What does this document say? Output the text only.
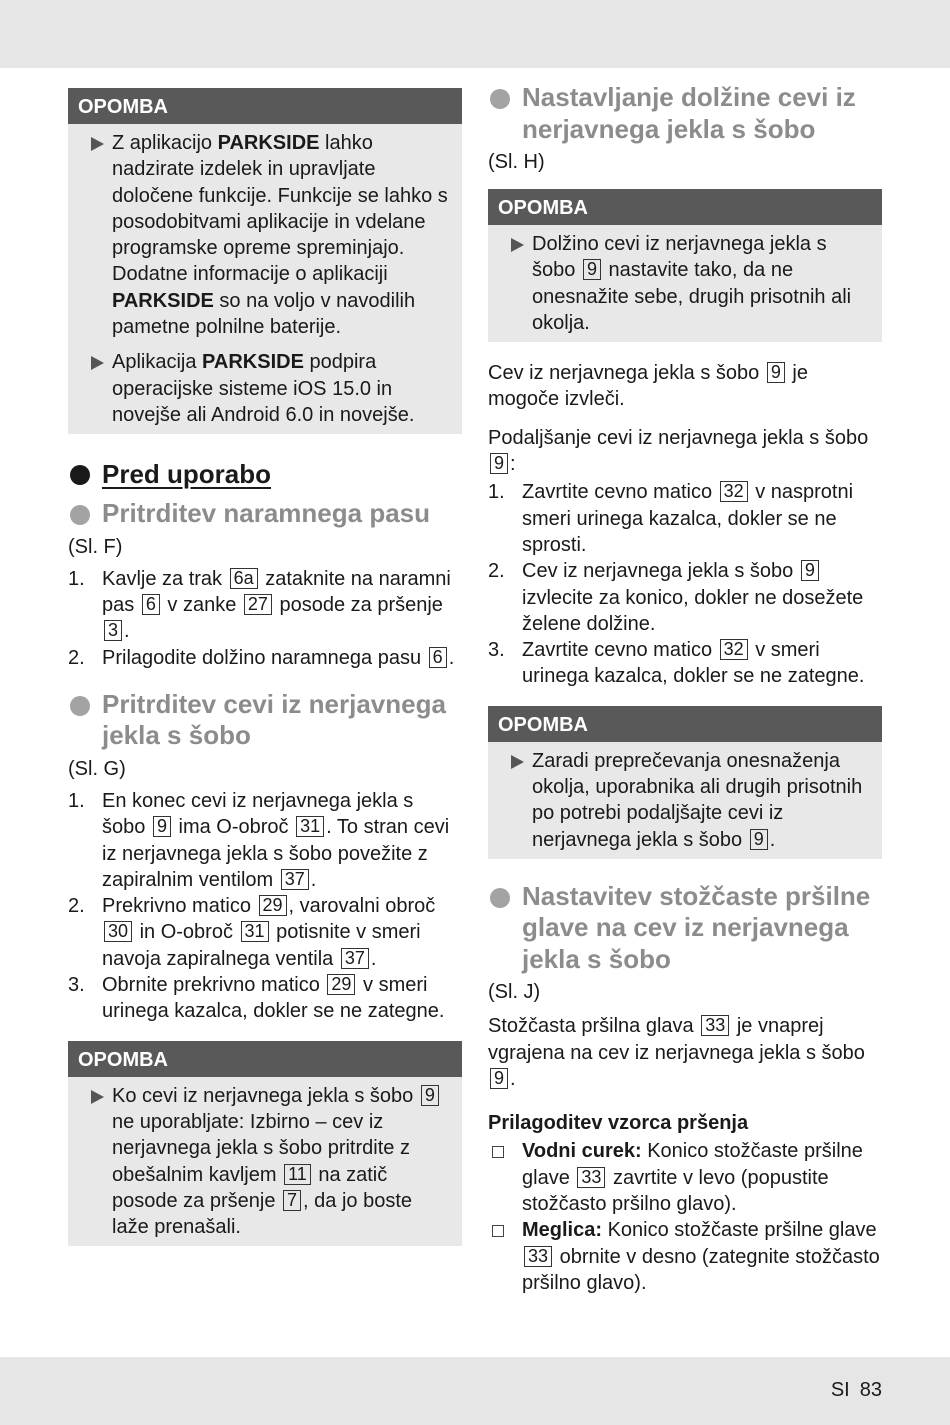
OPOMBA
Z aplikacijo PARKSIDE lahko nadzirate izdelek in upravljate določene funkcije. Funkcije se lahko s posodobitvami aplikacije in vdelane programske opreme spreminjajo. Dodatne informacije o aplikaciji PARKSIDE so na voljo v navodilih pametne polnilne baterije.
Aplikacija PARKSIDE podpira operacijske sisteme iOS 15.0 in novejše ali Android 6.0 in novejše.
Pred uporabo
Pritrditev naramnega pasu
(Sl. F)
1. Kavlje za trak 6a zataknite na naramni pas 6 v zanke 27 posode za pršenje 3 .
2. Prilagodite dolžino naramnega pasu 6 .
Pritrditev cevi iz nerjavnega jekla s šobo
(Sl. G)
1. En konec cevi iz nerjavnega jekla s šobo 9 ima O-obroč 31 . To stran cevi iz nerjavnega jekla s šobo povežite z zapiralnim ventilom 37 .
2. Prekrivno matico 29 , varovalni obroč 30 in O-obroč 31 potisnite v smeri navoja zapiralnega ventila 37 .
3. Obrnite prekrivno matico 29 v smeri urinega kazalca, dokler se ne zategne.
OPOMBA
Ko cevi iz nerjavnega jekla s šobo 9 ne uporabljate: Izbirno – cev iz nerjavnega jekla s šobo pritrdite z obešalnim kavljem 11 na zatič posode za pršenje 7 , da jo boste laže prenašali.
Nastavljanje dolžine cevi iz nerjavnega jekla s šobo
(Sl. H)
OPOMBA
Dolžino cevi iz nerjavnega jekla s šobo 9 nastavite tako, da ne onesnažite sebe, drugih prisotnih ali okolja.
Cev iz nerjavnega jekla s šobo 9 je mogoče izvleči.
Podaljšanje cevi iz nerjavnega jekla s šobo 9 :
1. Zavrtite cevno matico 32 v nasprotni smeri urinega kazalca, dokler se ne sprosti.
2. Cev iz nerjavnega jekla s šobo 9 izvlecite za konico, dokler ne dosežete želene dolžine.
3. Zavrtite cevno matico 32 v smeri urinega kazalca, dokler se ne zategne.
OPOMBA
Zaradi preprečevanja onesnaženja okolja, uporabnika ali drugih prisotnih po potrebi podaljšajte cevi iz nerjavnega jekla s šobo 9 .
Nastavitev stožčaste pršilne glave na cev iz nerjavnega jekla s šobo
(Sl. J)
Stožčasta pršilna glava 33 je vnaprej vgrajena na cev iz nerjavnega jekla s šobo 9 .
Prilagoditev vzorca pršenja
Vodni curek: Konico stožčaste pršilne glave 33 zavrtite v levo (popustite stožčasto pršilno glavo).
Meglica: Konico stožčaste pršilne glave 33 obrnite v desno (zategnite stožčasto pršilno glavo).
SI 83
